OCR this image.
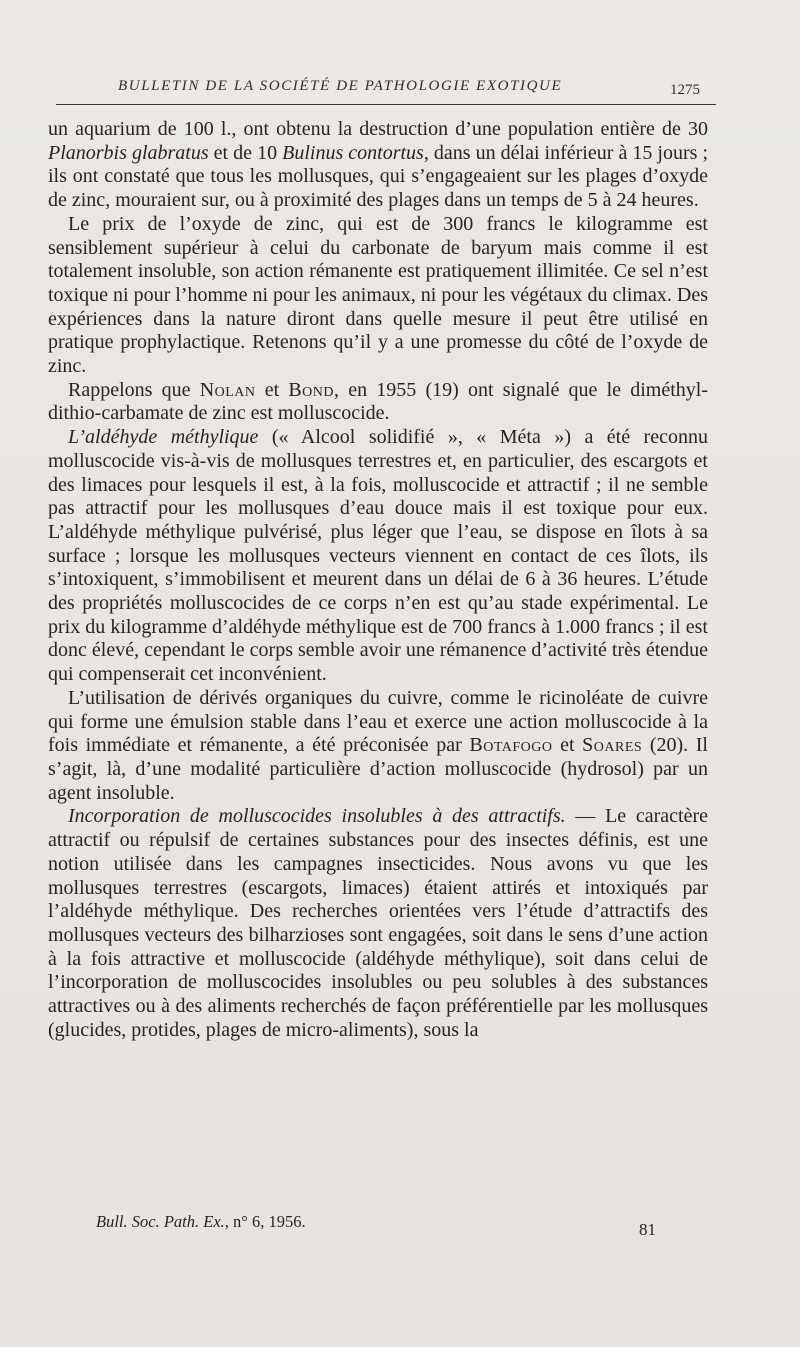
BULLETIN DE LA SOCIÉTÉ DE PATHOLOGIE EXOTIQUE	1275

un aquarium de 100 l., ont obtenu la destruction d’une population entière de 30 Planorbis glabratus et de 10 Bulinus contortus, dans un délai inférieur à 15 jours ; ils ont constaté que tous les mollusques, qui s’engageaient sur les plages d’oxyde de zinc, mouraient sur, ou à proximité des plages dans un temps de 5 à 24 heures.

Le prix de l’oxyde de zinc, qui est de 300 francs le kilogramme est sensiblement supérieur à celui du carbonate de baryum mais comme il est totalement insoluble, son action rémanente est pratiquement illimitée. Ce sel n’est toxique ni pour l’homme ni pour les animaux, ni pour les végétaux du climax. Des expériences dans la nature diront dans quelle mesure il peut être utilisé en pratique prophylactique. Retenons qu’il y a une promesse du côté de l’oxyde de zinc.

Rappelons que Nolan et Bond, en 1955 (19) ont signalé que le diméthyl-dithio-carbamate de zinc est molluscocide.

L’aldéhyde méthylique (« Alcool solidifié », « Méta ») a été reconnu molluscocide vis-à-vis de mollusques terrestres et, en particulier, des escargots et des limaces pour lesquels il est, à la fois, molluscocide et attractif ; il ne semble pas attractif pour les mollusques d’eau douce mais il est toxique pour eux. L’aldéhyde méthylique pulvérisé, plus léger que l’eau, se dispose en îlots à sa surface ; lorsque les mollusques vecteurs viennent en contact de ces îlots, ils s’intoxiquent, s’immobilisent et meurent dans un délai de 6 à 36 heures. L’étude des propriétés molluscocides de ce corps n’en est qu’au stade expérimental. Le prix du kilogramme d’aldéhyde méthylique est de 700 francs à 1.000 francs ; il est donc élevé, cependant le corps semble avoir une rémanence d’activité très étendue qui compenserait cet inconvénient.

L’utilisation de dérivés organiques du cuivre, comme le ricinoléate de cuivre qui forme une émulsion stable dans l’eau et exerce une action molluscocide à la fois immédiate et rémanente, a été préconisée par Botafogo et Soares (20). Il s’agit, là, d’une modalité particulière d’action molluscocide (hydrosol) par un agent insoluble.

Incorporation de molluscocides insolubles à des attractifs. — Le caractère attractif ou répulsif de certaines substances pour des insectes définis, est une notion utilisée dans les campagnes insecticides. Nous avons vu que les mollusques terrestres (escargots, limaces) étaient attirés et intoxiqués par l’aldéhyde méthylique. Des recherches orientées vers l’étude d’attractifs des mollusques vecteurs des bilharzioses sont engagées, soit dans le sens d’une action à la fois attractive et molluscocide (aldéhyde méthylique), soit dans celui de l’incorporation de molluscocides insolubles ou peu solubles à des substances attractives ou à des aliments recherchés de façon préférentielle par les mollusques (glucides, protides, plages de micro-aliments), sous la

Bull. Soc. Path. Ex., n° 6, 1956.	81
